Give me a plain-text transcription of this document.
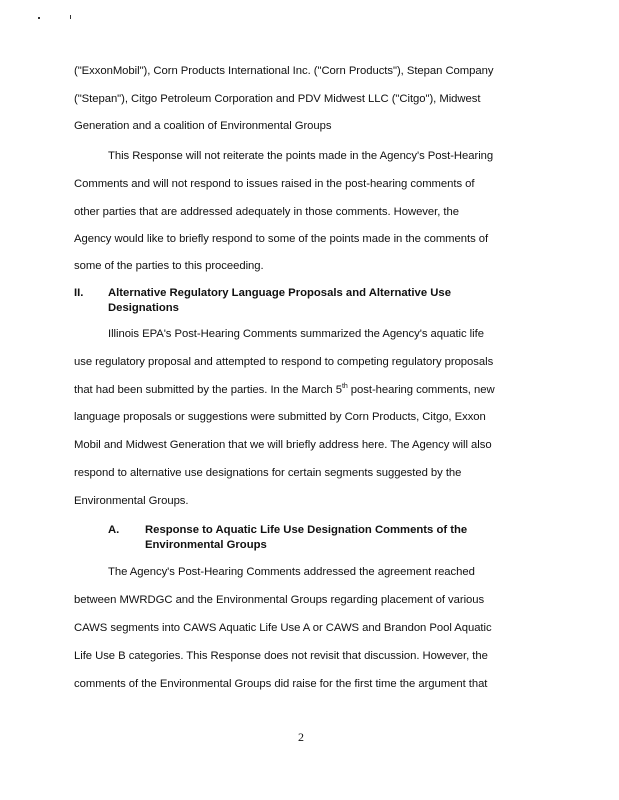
("ExxonMobil"), Corn Products International Inc. ("Corn Products"), Stepan Company
("Stepan"), Citgo Petroleum Corporation and PDV Midwest LLC ("Citgo"), Midwest
Generation and a coalition of Environmental Groups
This Response will not reiterate the points made in the Agency's Post-Hearing
Comments and will not respond to issues raised in the post-hearing comments of
other parties that are addressed adequately in those comments. However, the
Agency would like to briefly respond to some of the points made in the comments of
some of the parties to this proceeding.
II. Alternative Regulatory Language Proposals and Alternative Use
Designations
Illinois EPA's Post-Hearing Comments summarized the Agency's aquatic life
use regulatory proposal and attempted to respond to competing regulatory proposals
that had been submitted by the parties. In the March 5th post-hearing comments, new
language proposals or suggestions were submitted by Corn Products, Citgo, Exxon
Mobil and Midwest Generation that we will briefly address here. The Agency will also
respond to alternative use designations for certain segments suggested by the
Environmental Groups.
A. Response to Aquatic Life Use Designation Comments of the
Environmental Groups
The Agency's Post-Hearing Comments addressed the agreement reached
between MWRDGC and the Environmental Groups regarding placement of various
CAWS segments into CAWS Aquatic Life Use A or CAWS and Brandon Pool Aquatic
Life Use B categories. This Response does not revisit that discussion. However, the
comments of the Environmental Groups did raise for the first time the argument that
2
